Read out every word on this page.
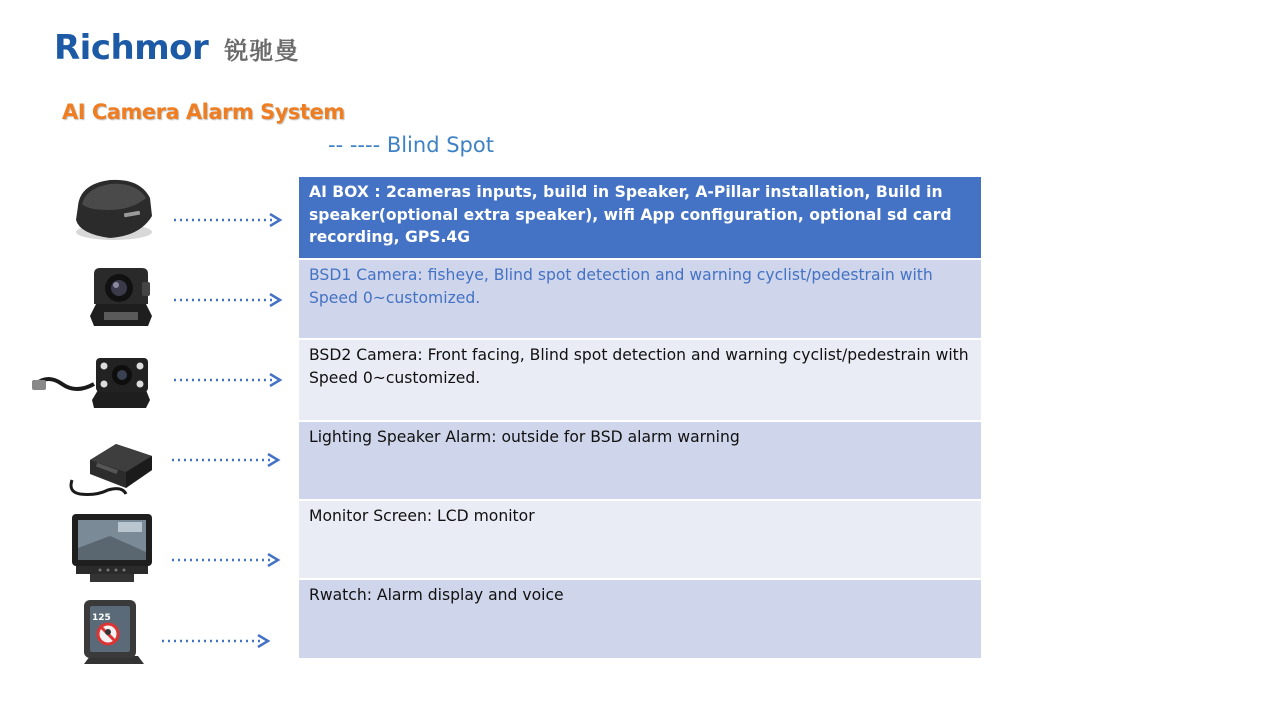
Richmor 锐驰曼
AI Camera Alarm System
-- ---- Blind Spot
125
AI BOX : 2cameras inputs, build in Speaker, A-Pillar installation, Build in speaker(optional extra speaker), wifi App configuration, optional sd card recording, GPS.4G
BSD1 Camera: fisheye, Blind spot detection and warning cyclist/pedestrain with Speed 0~customized.
BSD2 Camera: Front facing, Blind spot detection and warning cyclist/pedestrain with Speed 0~customized.
Lighting Speaker Alarm: outside for BSD alarm warning
Monitor Screen: LCD monitor
Rwatch: Alarm display and voice
